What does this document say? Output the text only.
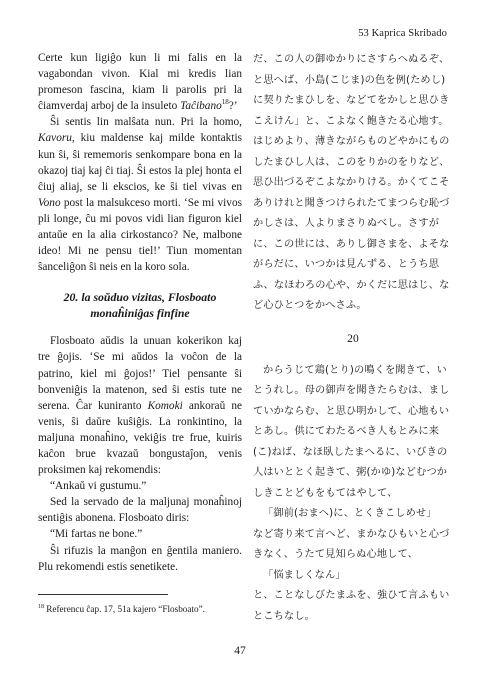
53 Kaprica Skribado

Certe kun ligiĝo kun li mi falis en la vagabondan vivon. Kial mi kredis lian promeson fascina, kiam li parolis pri la ĉiamverdaj arboj de la insuleto Taĉibano$^{18}$?’

Ŝi sentis lin malŝata nun. Pri la homo, Kavoru, kiu maldense kaj milde kontaktis kun ŝi, ŝi rememoris senkompare bona en la okazoj tiaj kaj ĉi tiaj. Ŝi estos la plej honta el ĉiuj aliaj, se li ekscios, ke ŝi tiel vivas en Vono post la malsukceso morti. ‘Se mi vivos pli longe, ĉu mi povos vidi lian figuron kiel antaŭe en la alia cirkostanco? Ne, malbone ideo! Mi ne pensu tiel!’ Tiun momentan ŝanceliĝon ŝi neis en la koro sola.

20. la soŭduo vizitas, Flosboato monaĥiniĝas finfine

Flosboato aŭdis la unuan kokerikon kaj tre ĝojis. ‘Se mi aŭdos la voĉon de la patrino, kiel mi ĝojos!’ Tiel pensante ŝi bonveniĝis la matenon, sed ŝi estis tute ne serena. Ĉar kuniranto Komoki ankoraŭ ne venis, ŝi daŭre kuŝiĝis. La ronkintino, la maljuna monaĥino, vekiĝis tre frue, kuiris kaĉon brue kvazaŭ bongustaĵon, venis proksimen kaj rekomendis:

“Ankaŭ vi gustumu.”

Sed la servado de la maljunaj monaĥinoj sentiĝis abonena. Flosboato diris:

“Mi fartas ne bone.”

Ŝi rifuzis la manĝon en ĝentila maniero. Plu rekomendi estis senetikete.

だ、この人の御ゆかりにさすらへぬるぞ、と思へば、小島(こじま)の色を例(ためし)に契りたまひしを、などてをかしと思ひきこえけん」と、こよなく飽きたる心地す。はじめより、薄きながらものどやかにものしたまひし人は、このをりかのをりなど、思ひ出づるぞこよなかりける。かくてこそありけれと聞きつけられたてまつらむ恥づかしさは、人よりまさりぬべし。さすがに、この世には、ありし御さまを、よそながらだに、いつかは見んずる、とうち思ふ、なほわろの心や、かくだに思はじ、など心ひとつをかへさふ。

20

からうじて鶏(とり)の鳴くを聞きて、いとうれし。母の御声を聞きたらむは、ましていかならむ、と思ひ明かして、心地もいとあし。供にてわたるべき人もとみに来(こ)ねば、なほ臥したまへるに、いびきの人はいととく起きて、粥(かゆ)などむつかしきことどもをもてはやして、

「御前(おまへ)に、とくきこしめせ」

など寄り来て言へど、まかなひもいと心づきなく、うたて見知らぬ心地して、

「悩ましくなん」

と、ことなしびたまふを、強ひて言ふもいとこちなし。

$^{18}$ Referencu ĉap. 17, 51a kajero “Flosboato”.
47
